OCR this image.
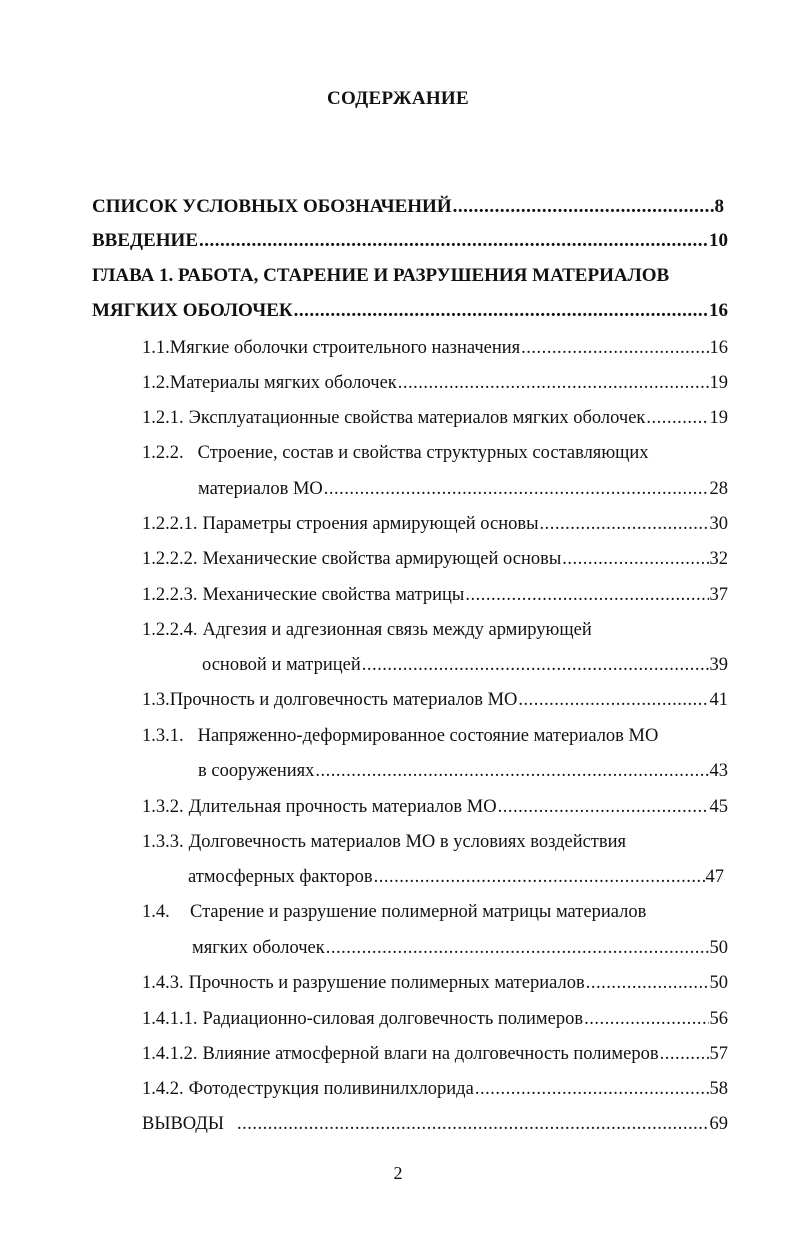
СОДЕРЖАНИЕ
СПИСОК УСЛОВНЫХ ОБОЗНАЧЕНИЙ .....	8
ВВЕДЕНИЕ .....	10
ГЛАВА 1. РАБОТА, СТАРЕНИЕ И РАЗРУШЕНИЯ МАТЕРИАЛОВ
МЯГКИХ ОБОЛОЧЕК .....	16
1.1. Мягкие оболочки строительного назначения .....	16
1.2. Материалы мягких оболочек .....	19
1.2.1. Эксплуатационные свойства материалов мягких оболочек .....	19
1.2.2. Строение, состав и свойства структурных составляющих
материалов МО .....	28
1.2.2.1. Параметры строения армирующей основы .....	30
1.2.2.2. Механические свойства армирующей основы .....	32
1.2.2.3. Механические свойства матрицы .....	37
1.2.2.4. Адгезия и адгезионная связь между армирующей
основой и матрицей .....	39
1.3. Прочность и долговечность материалов МО .....	41
1.3.1. Напряженно-деформированное состояние материалов МО
в сооружениях .....	43
1.3.2. Длительная прочность материалов МО .....	45
1.3.3. Долговечность материалов МО в условиях воздействия
атмосферных факторов .....	47
1.4.	Старение и разрушение полимерной матрицы материалов
мягких оболочек .....	50
1.4.3. Прочность и разрушение полимерных материалов .....	50
1.4.1.1. Радиационно-силовая долговечность полимеров .....	56
1.4.1.2. Влияние атмосферной влаги на долговечность полимеров .....	57
1.4.2. Фотодеструкция поливинилхлорида .....	58
ВЫВОДЫ .....	69
2
